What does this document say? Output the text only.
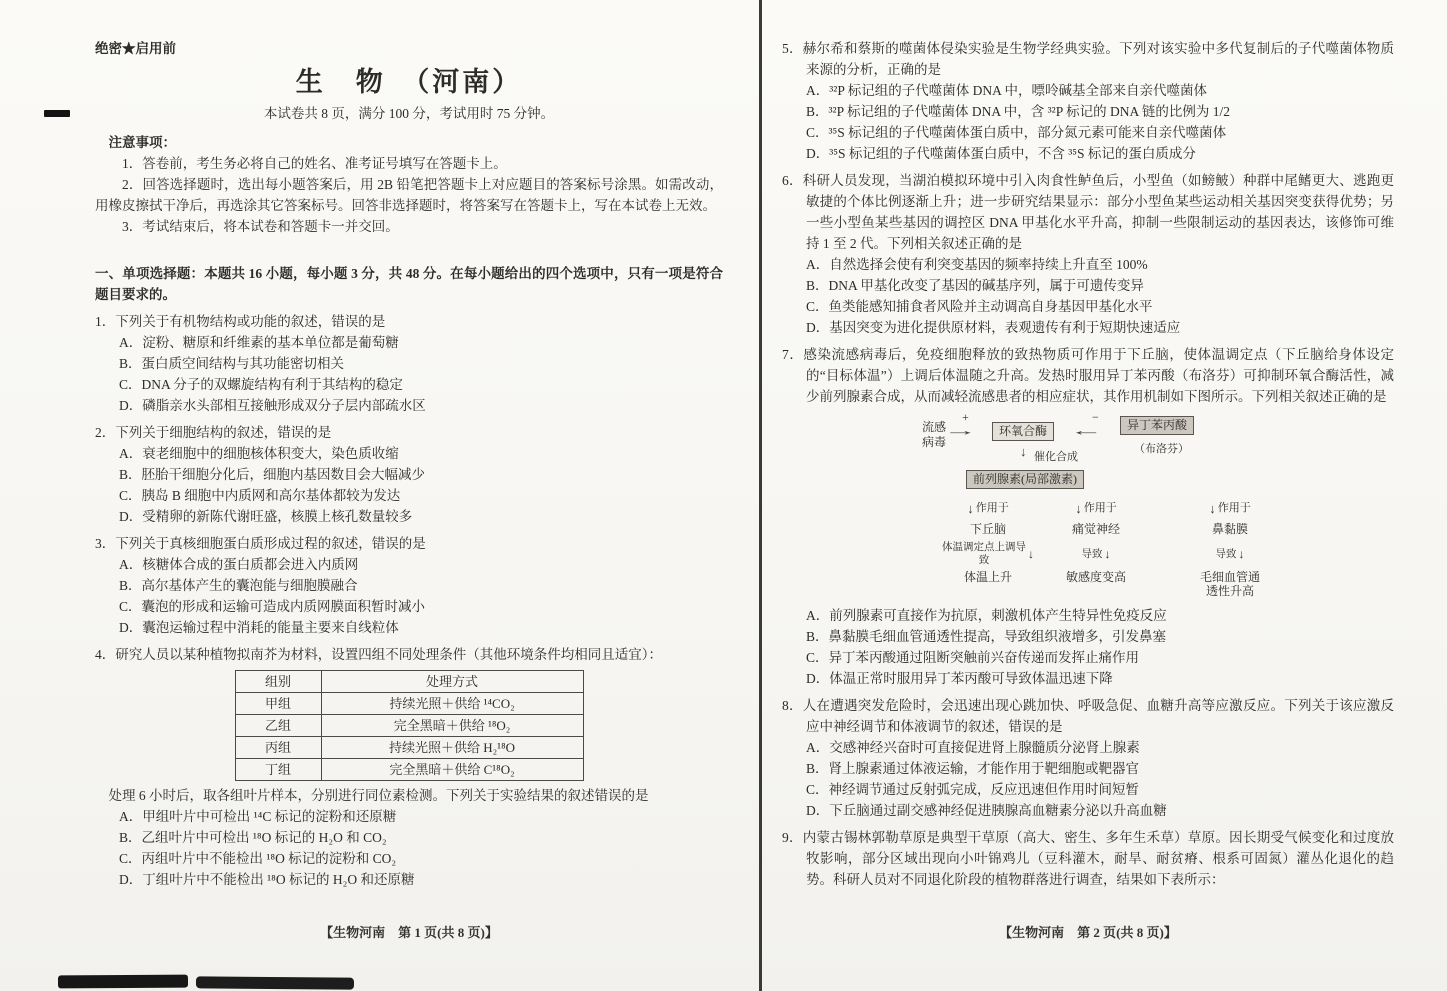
绝密★启用前
生　物　（河南）
本试卷共 8 页，满分 100 分，考试用时 75 分钟。
注意事项：

1．答卷前，考生务必将自己的姓名、准考证号填写在答题卡上。

2．回答选择题时，选出每小题答案后，用 2B 铅笔把答题卡上对应题目的答案标号涂黑。如需改动，用橡皮擦拭干净后，再选涂其它答案标号。回答非选择题时，将答案写在答题卡上，写在本试卷上无效。

3．考试结束后，将本试卷和答题卡一并交回。

一、单项选择题：本题共 16 小题，每小题 3 分，共 48 分。在每小题给出的四个选项中，只有一项是符合题目要求的。

1．下列关于有机物结构或功能的叙述，错误的是

A．淀粉、糖原和纤维素的基本单位都是葡萄糖

B．蛋白质空间结构与其功能密切相关

C．DNA 分子的双螺旋结构有利于其结构的稳定

D．磷脂亲水头部相互接触形成双分子层内部疏水区

2．下列关于细胞结构的叙述，错误的是

A．衰老细胞中的细胞核体积变大，染色质收缩

B．胚胎干细胞分化后，细胞内基因数目会大幅减少

C．胰岛 B 细胞中内质网和高尔基体都较为发达

D．受精卵的新陈代谢旺盛，核膜上核孔数量较多

3．下列关于真核细胞蛋白质形成过程的叙述，错误的是

A．核糖体合成的蛋白质都会进入内质网

B．高尔基体产生的囊泡能与细胞膜融合

C．囊泡的形成和运输可造成内质网膜面积暂时减小

D．囊泡运输过程中消耗的能量主要来自线粒体

4．研究人员以某种植物拟南芥为材料，设置四组不同处理条件（其他环境条件均相同且适宜）：

组别	处理方式
甲组	持续光照＋供给 ¹⁴CO₂
乙组	完全黑暗＋供给 ¹⁸O₂
丙组	持续光照＋供给 H₂¹⁸O
丁组	完全黑暗＋供给 C¹⁸O₂

处理 6 小时后，取各组叶片样本，分别进行同位素检测。下列关于实验结果的叙述错误的是

A．甲组叶片中可检出 ¹⁴C 标记的淀粉和还原糖

B．乙组叶片中可检出 ¹⁸O 标记的 H₂O 和 CO₂

C．丙组叶片中不能检出 ¹⁸O 标记的淀粉和 CO₂

D．丁组叶片中不能检出 ¹⁸O 标记的 H₂O 和还原糖

5．赫尔希和蔡斯的噬菌体侵染实验是生物学经典实验。下列对该实验中多代复制后的子代噬菌体物质来源的分析，正确的是

A．³²P 标记组的子代噬菌体 DNA 中，嘌呤碱基全部来自亲代噬菌体

B．³²P 标记组的子代噬菌体 DNA 中，含 ³²P 标记的 DNA 链的比例为 1/2

C．³⁵S 标记组的子代噬菌体蛋白质中，部分氮元素可能来自亲代噬菌体

D．³⁵S 标记组的子代噬菌体蛋白质中，不含 ³⁵S 标记的蛋白质成分

6．科研人员发现，当湖泊模拟环境中引入肉食性鲈鱼后，小型鱼（如鳑鲏）种群中尾鳍更大、逃跑更敏捷的个体比例逐渐上升；进一步研究结果显示：部分小型鱼某些运动相关基因突变获得优势；另一些小型鱼某些基因的调控区 DNA 甲基化水平升高，抑制一些限制运动的基因表达，该修饰可维持 1 至 2 代。下列相关叙述正确的是

A．自然选择会使有利突变基因的频率持续上升直至 100%

B．DNA 甲基化改变了基因的碱基序列，属于可遗传变异

C．鱼类能感知捕食者风险并主动调高自身基因甲基化水平

D．基因突变为进化提供原材料，表观遗传有利于短期快速适应

7．感染流感病毒后，免疫细胞释放的致热物质可作用于下丘脑，使体温调定点（下丘脑给身体设定的“目标体温”）上调后体温随之升高。发热时服用异丁苯丙酸（布洛芬）可抑制环氧合酶活性，减少前列腺素合成，从而减轻流感患者的相应症状，其作用机制如下图所示。下列相关叙述正确的是

流感病毒
+
→	环氧合酶
−
←	异丁苯丙酸
（布洛芬）
↓ 催化合成
前列腺素(局部激素)
↓ 作用于
下丘脑
体温调定点上调导致	↓
体温上升
↓ 作用于
痛觉神经
导致 ↓
敏感度变高
↓ 作用于
鼻黏膜
导致 ↓
毛细血管通透性升高

A．前列腺素可直接作为抗原，刺激机体产生特异性免疫反应

B．鼻黏膜毛细血管通透性提高，导致组织液增多，引发鼻塞

C．异丁苯丙酸通过阻断突触前兴奋传递而发挥止痛作用

D．体温正常时服用异丁苯丙酸可导致体温迅速下降

8．人在遭遇突发危险时，会迅速出现心跳加快、呼吸急促、血糖升高等应激反应。下列关于该应激反应中神经调节和体液调节的叙述，错误的是

A．交感神经兴奋时可直接促进肾上腺髓质分泌肾上腺素

B．肾上腺素通过体液运输，才能作用于靶细胞或靶器官

C．神经调节通过反射弧完成，反应迅速但作用时间短暂

D．下丘脑通过副交感神经促进胰腺高血糖素分泌以升高血糖

9．内蒙古锡林郭勒草原是典型干草原（高大、密生、多年生禾草）草原。因长期受气候变化和过度放牧影响，部分区域出现向小叶锦鸡儿（豆科灌木，耐旱、耐贫瘠、根系可固氮）灌丛化退化的趋势。科研人员对不同退化阶段的植物群落进行调查，结果如下表所示：

【生物河南　第 1 页(共 8 页)】	【生物河南　第 2 页(共 8 页)】
